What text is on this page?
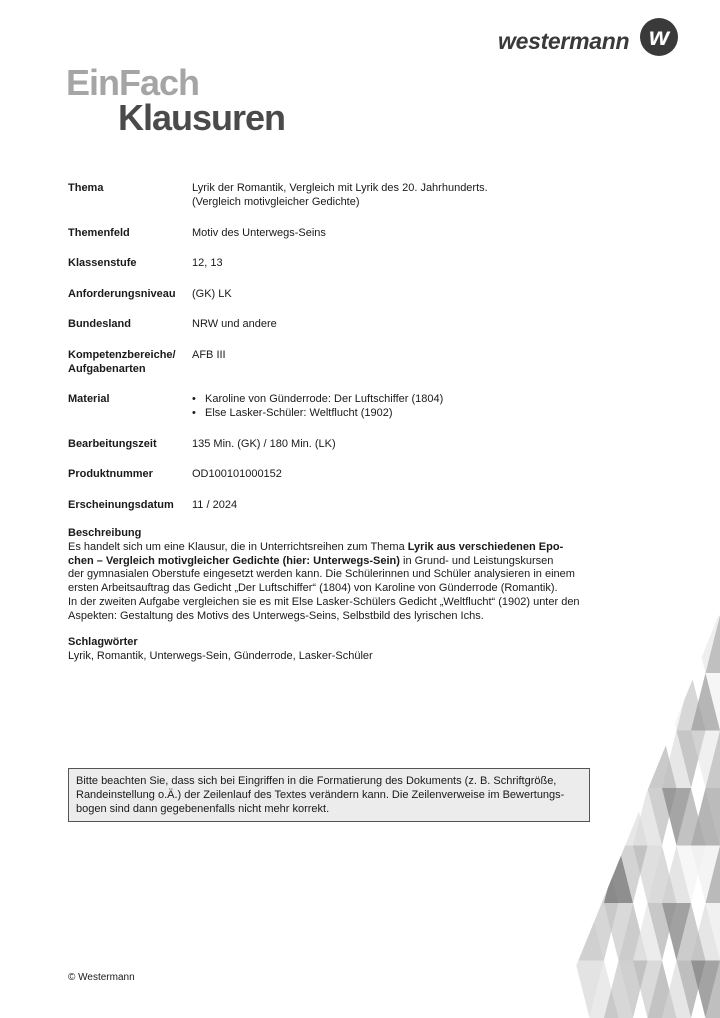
westermann w
EinFach
Klausuren
Thema	Lyrik der Romantik, Vergleich mit Lyrik des 20. Jahrhunderts.
(Vergleich motivgleicher Gedichte)
Themenfeld	Motiv des Unterwegs-Seins
Klassenstufe	12, 13
Anforderungsniveau	(GK) LK
Bundesland	NRW und andere
Kompetenzbereiche/
Aufgabenarten
AFB III
Material
•	Karoline von Günderrode: Der Luftschiffer (1804)
• Else Lasker-Schüler: Weltflucht (1902)
Bearbeitungszeit	135 Min. (GK) / 180 Min. (LK)
Produktnummer	OD100101000152
Erscheinungsdatum	11 / 2024
Beschreibung

Es handelt sich um eine Klausur, die in Unterrichtsreihen zum Thema Lyrik aus verschiedenen Epo-

chen – Vergleich motivgleicher Gedichte (hier: Unterwegs-Sein) in Grund- und Leistungskursen

der gymnasialen Oberstufe eingesetzt werden kann. Die Schülerinnen und Schüler analysieren in einem

ersten Arbeitsauftrag das Gedicht „Der Luftschiffer“ (1804) von Karoline von Günderrode (Romantik).

In der zweiten Aufgabe vergleichen sie es mit Else Lasker-Schülers Gedicht „Weltflucht“ (1902) unter den

Aspekten: Gestaltung des Motivs des Unterwegs-Seins, Selbstbild des lyrischen Ichs.

Schlagwörter

Lyrik, Romantik, Unterwegs-Sein, Günderrode, Lasker-Schüler

Bitte beachten Sie, dass sich bei Eingriffen in die Formatierung des Dokuments (z. B. Schriftgröße,
Randeinstellung o.Ä.) der Zeilenlauf des Textes verändern kann. Die Zeilenverweise im Bewertungs-
bogen sind dann gegebenenfalls nicht mehr korrekt.
© Westermann
